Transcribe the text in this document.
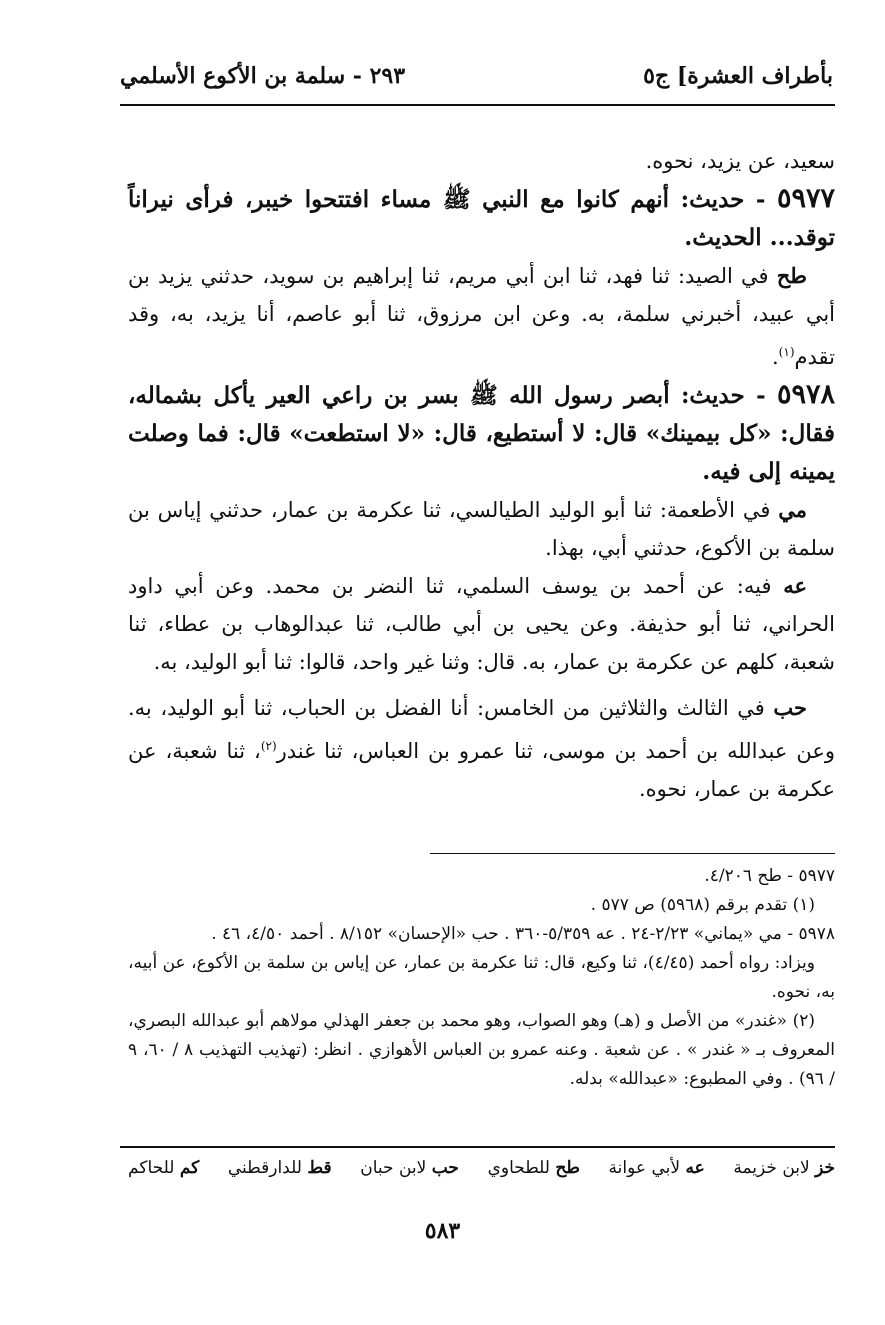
بأطراف العشرة] ج٥
٢٩٣ - سلمة بن الأكوع الأسلمي

سعيد، عن يزيد، نحوه.

٥٩٧٧ - حديث: أنهم كانوا مع النبي ﷺ مساء افتتحوا خيبر، فرأى نيراناً توقد... الحديث.

طح في الصيد: ثنا فهد، ثنا ابن أبي مريم، ثنا إبراهيم بن سويد، حدثني يزيد بن أبي عبيد، أخبرني سلمة، به. وعن ابن مرزوق، ثنا أبو عاصم، أنا يزيد، به، وقد تقدم$^{(١)}$.

٥٩٧٨ - حديث: أبصر رسول الله ﷺ بسر بن راعي العير يأكل بشماله، فقال: «كل بيمينك» قال: لا أستطيع، قال: «لا استطعت» قال: فما وصلت يمينه إلى فيه.

مي في الأطعمة: ثنا أبو الوليد الطيالسي، ثنا عكرمة بن عمار، حدثني إياس بن سلمة بن الأكوع، حدثني أبي، بهذا.

عه فيه: عن أحمد بن يوسف السلمي، ثنا النضر بن محمد. وعن أبي داود الحراني، ثنا أبو حذيفة. وعن يحيى بن أبي طالب، ثنا عبدالوهاب بن عطاء، ثنا شعبة، كلهم عن عكرمة بن عمار، به. قال: وثنا غير واحد، قالوا: ثنا أبو الوليد، به.

حب في الثالث والثلاثين من الخامس: أنا الفضل بن الحباب، ثنا أبو الوليد، به. وعن عبدالله بن أحمد بن موسى، ثنا عمرو بن العباس، ثنا غندر$^{(٢)}$، ثنا شعبة، عن عكرمة بن عمار، نحوه.

٥٩٧٧ - طح ٤/٢٠٦.

(١) تقدم برقم (٥٩٦٨) ص ٥٧٧ .

٥٩٧٨ - مي «يماني» ٢/٢٣-٢٤ . عه ٥/٣٥٩-٣٦٠ . حب «الإحسان» ٨/١٥٢ . أحمد ٤/٥٠، ٤٦ .

ويزاد: رواه أحمد (٤/٤٥)، ثنا وكيع، قال: ثنا عكرمة بن عمار، عن إياس بن سلمة بن الأكوع، عن أبيه، به، نحوه.

(٢) «غندر» من الأصل و (هـ) وهو الصواب، وهو محمد بن جعفر الهذلي مولاهم أبو عبدالله البصري، المعروف بـ « غندر » . عن شعبة . وعنه عمرو بن العباس الأهوازي . انظر: (تهذيب التهذيب ٨ / ٦٠، ٩ / ٩٦) . وفي المطبوع: «عبدالله» بدله.

خز لابن خزيمة
عه لأبي عوانة
طح للطحاوي
حب لابن حبان
قط للدارقطني
كم للحاكم
٥٨٣
